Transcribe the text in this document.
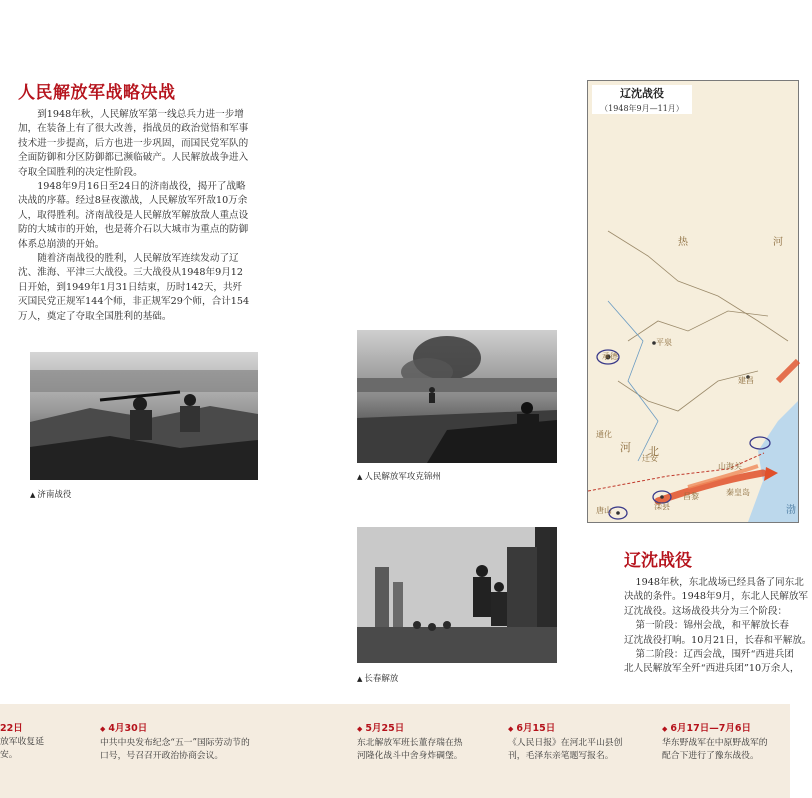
人民解放军战略决战

到1948年秋，人民解放军第一线总兵力进一步增加，在装备上有了很大改善，指战员的政治觉悟和军事技术进一步提高，后方也进一步巩固，而国民党军队的全面防御和分区防御都已濒临破产。人民解放战争进入夺取全国胜利的决定性阶段。

1948年9月16日至24日的济南战役，揭开了战略决战的序幕。经过8昼夜激战，人民解放军歼敌10万余人，取得胜利。济南战役是人民解放军解放敌人重点设防的大城市的开始，也是蒋介石以大城市为重点的防御体系总崩溃的开始。

随着济南战役的胜利，人民解放军连续发动了辽沈、淮海、平津三大战役。三大战役从1948年9月12日开始，到1949年1月31日结束，历时142天，共歼灭国民党正规军144个师，非正规军29个师，合计154万人，奠定了夺取全国胜利的基础。

▲ 济南战役
▲ 人民解放军攻克锦州
▲ 长春解放
辽沈战役
（1948年9月—11月）
热	河
承德
平泉
建昌
通化
迁安
河 北
唐山	滦县
昌黎	秦皇岛
山海关
渤
辽沈战役
1948年秋，东北战场已经具备了同东北
决战的条件。1948年9月，东北人民解放军
辽沈战役。这场战役共分为三个阶段：
第一阶段：锦州会战，和平解放长春
辽沈战役打响。10月21日，长春和平解放。
第二阶段：辽西会战，围歼“西进兵团
北人民解放军全歼“西进兵团”10万余人，
22日
放军收复延安。
◆ 4月30日
中共中央发布纪念“五一”国际劳动节的口号，号召召开政治协商会议。
◆ 5月25日
东北解放军班长董存瑞在热河隆化战斗中舍身炸碉堡。
◆ 6月15日
《人民日报》在河北平山县创刊，毛泽东亲笔题写报名。
◆ 6月17日—7月6日
华东野战军在中原野战军的配合下进行了豫东战役。
